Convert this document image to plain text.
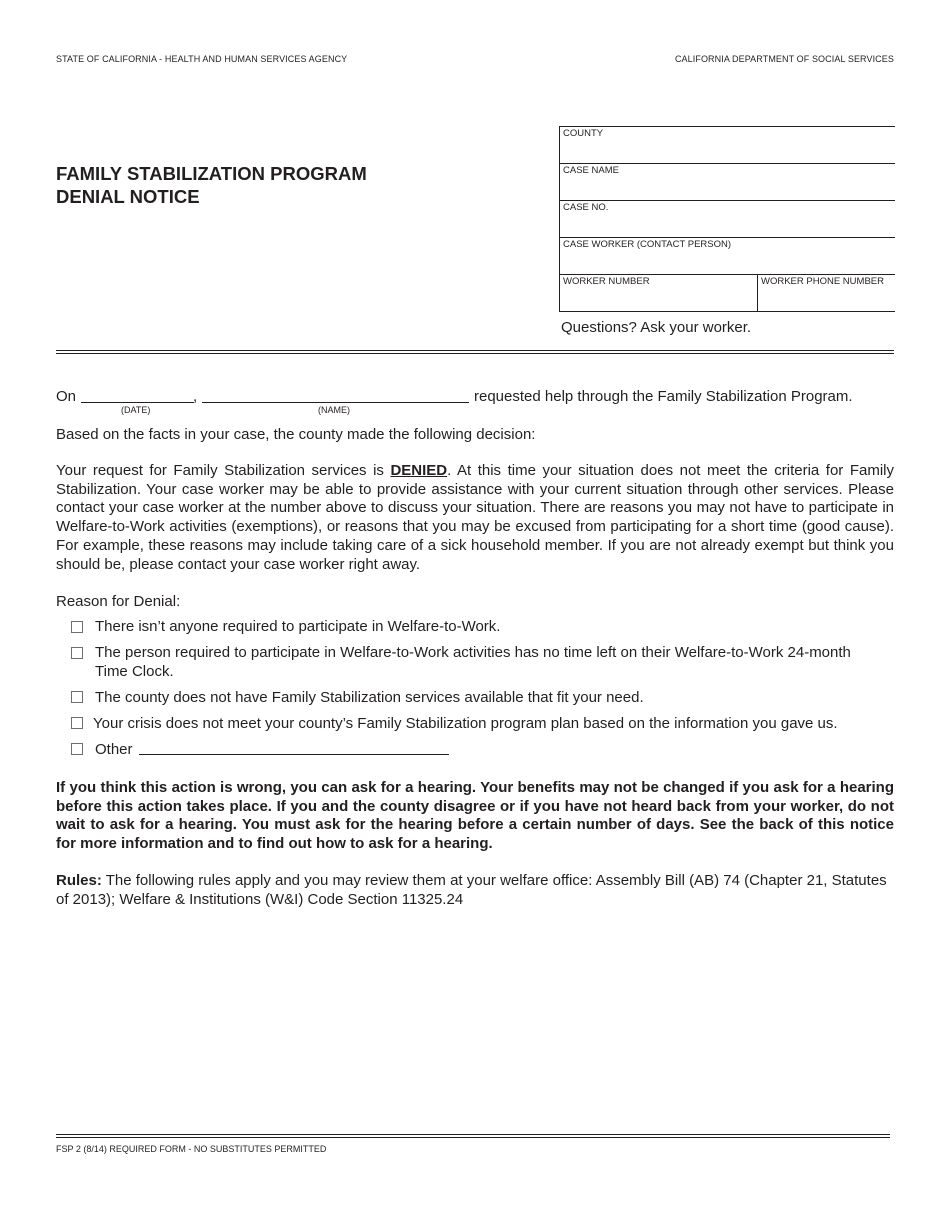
STATE OF CALIFORNIA - HEALTH AND HUMAN SERVICES AGENCY	CALIFORNIA DEPARTMENT OF SOCIAL SERVICES
FAMILY STABILIZATION PROGRAM
DENIAL NOTICE
COUNTY
CASE NAME
CASE NO.
CASE WORKER (CONTACT PERSON)
WORKER NUMBER	WORKER PHONE NUMBER
Questions? Ask your worker.
On	,	requested help through the Family Stabilization Program.
(DATE)	(NAME)
Based on the facts in your case, the county made the following decision:
Your request for Family Stabilization services is DENIED. At this time your situation does not meet the criteria for Family Stabilization. Your case worker may be able to provide assistance with your current situation through other services. Please contact your case worker at the number above to discuss your situation. There are reasons you may not have to participate in Welfare-to-Work activities (exemptions), or reasons that you may be excused from participating for a short time (good cause). For example, these reasons may include taking care of a sick household member. If you are not already exempt but think you should be, please contact your case worker right away.
Reason for Denial:
There isn’t anyone required to participate in Welfare-to-Work.
The person required to participate in Welfare-to-Work activities has no time left on their Welfare-to-Work 24-month Time Clock.
The county does not have Family Stabilization services available that fit your need.
Your crisis does not meet your county’s Family Stabilization program plan based on the information you gave us.
Other
If you think this action is wrong, you can ask for a hearing. Your benefits may not be changed if you ask for a hearing before this action takes place. If you and the county disagree or if you have not heard back from your worker, do not wait to ask for a hearing. You must ask for the hearing before a certain number of days. See the back of this notice for more information and to find out how to ask for a hearing.
Rules: The following rules apply and you may review them at your welfare office: Assembly Bill (AB) 74 (Chapter 21, Statutes of 2013); Welfare & Institutions (W&I) Code Section 11325.24
FSP 2 (8/14) REQUIRED FORM - NO SUBSTITUTES PERMITTED
